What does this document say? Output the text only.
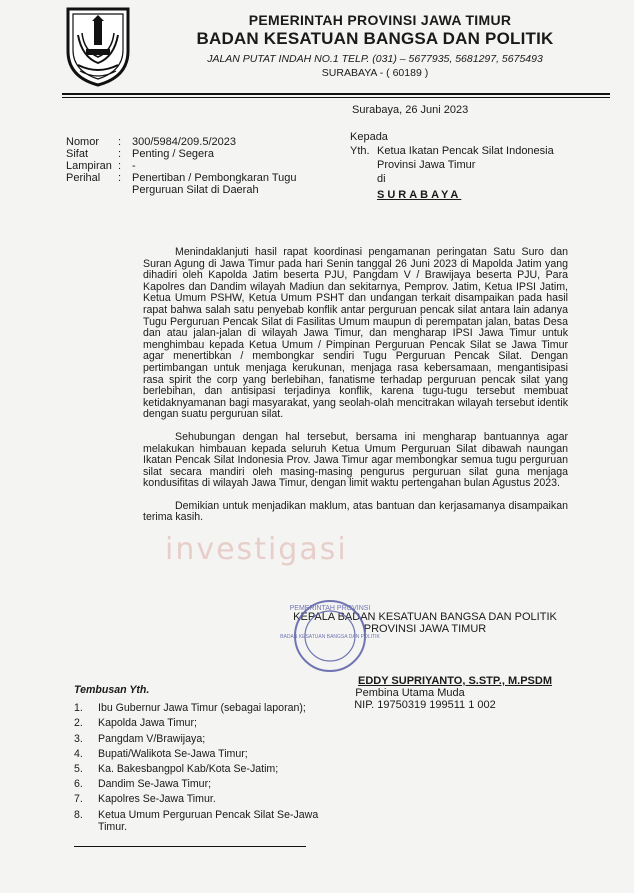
PEMERINTAH PROVINSI JAWA TIMUR
BADAN KESATUAN BANGSA DAN POLITIK
JALAN PUTAT INDAH NO.1 TELP. (031) – 5677935, 5681297, 5675493
SURABAYA - ( 60189 )
Surabaya, 26 Juni 2023
Kepada
Yth. Ketua Ikatan Pencak Silat Indonesia Provinsi Jawa Timur
di
SURABAYA
Nomor : 300/5984/209.5/2023
Sifat	: Penting / Segera
Lampiran : -
Perihal : Penertiban / Pembongkaran Tugu Perguruan Silat di Daerah

Menindaklanjuti hasil rapat koordinasi pengamanan peringatan Satu Suro dan Suran Agung di Jawa Timur pada hari Senin tanggal 26 Juni 2023 di Mapolda Jatim yang dihadiri oleh Kapolda Jatim beserta PJU, Pangdam V / Brawijaya beserta PJU, Para Kapolres dan Dandim wilayah Madiun dan sekitarnya, Pemprov. Jatim, Ketua IPSI Jatim, Ketua Umum PSHW, Ketua Umum PSHT dan undangan terkait disampaikan pada hasil rapat bahwa salah satu penyebab konflik antar perguruan pencak silat antara lain adanya Tugu Perguruan Pencak Silat di Fasilitas Umum maupun di perempatan jalan, batas Desa dan atau jalan-jalan di wilayah Jawa Timur, dan mengharap IPSI Jawa Timur untuk menghimbau kepada Ketua Umum / Pimpinan Perguruan Pencak Silat se Jawa Timur agar menertibkan / membongkar sendiri Tugu Perguruan Pencak Silat. Dengan pertimbangan untuk menjaga kerukunan, menjaga rasa kebersamaan, mengantisipasi rasa spirit the corp yang berlebihan, fanatisme terhadap perguruan pencak silat yang berlebihan, dan antisipasi terjadinya konflik, karena tugu-tugu tersebut membuat ketidaknyamanan bagi masyarakat, yang seolah-olah mencitrakan wilayah tersebut identik dengan suatu perguruan silat.

Sehubungan dengan hal tersebut, bersama ini mengharap bantuannya agar melakukan himbauan kepada seluruh Ketua Umum Perguruan Silat dibawah naungan Ikatan Pencak Silat Indonesia Prov. Jawa Timur agar membongkar semua tugu perguruan silat secara mandiri oleh masing-masing pengurus perguruan silat guna menjaga kondusifitas di wilayah Jawa Timur, dengan limit waktu pertengahan bulan Agustus 2023.

Demikian untuk menjadikan maklum, atas bantuan dan kerjasamanya disampaikan terima kasih.

investigasi
KEPALA BADAN KESATUAN BANGSA DAN POLITIK
PROVINSI JAWA TIMUR
EDDY SUPRIYANTO, S.STP., M.PSDM
Pembina Utama Muda
NIP. 19750319 199511 1 002
PEMERINTAH PROVINSI
BADAN KESATUAN BANGSA DAN POLITIK
Tembusan Yth.
1. Ibu Gubernur Jawa Timur (sebagai laporan);
2. Kapolda Jawa Timur;
3. Pangdam V/Brawijaya;
4. Bupati/Walikota Se-Jawa Timur;
5. Ka. Bakesbangpol Kab/Kota Se-Jatim;
6. Dandim Se-Jawa Timur;
7. Kapolres Se-Jawa Timur.
8. Ketua Umum Perguruan Pencak Silat Se-Jawa Timur.
